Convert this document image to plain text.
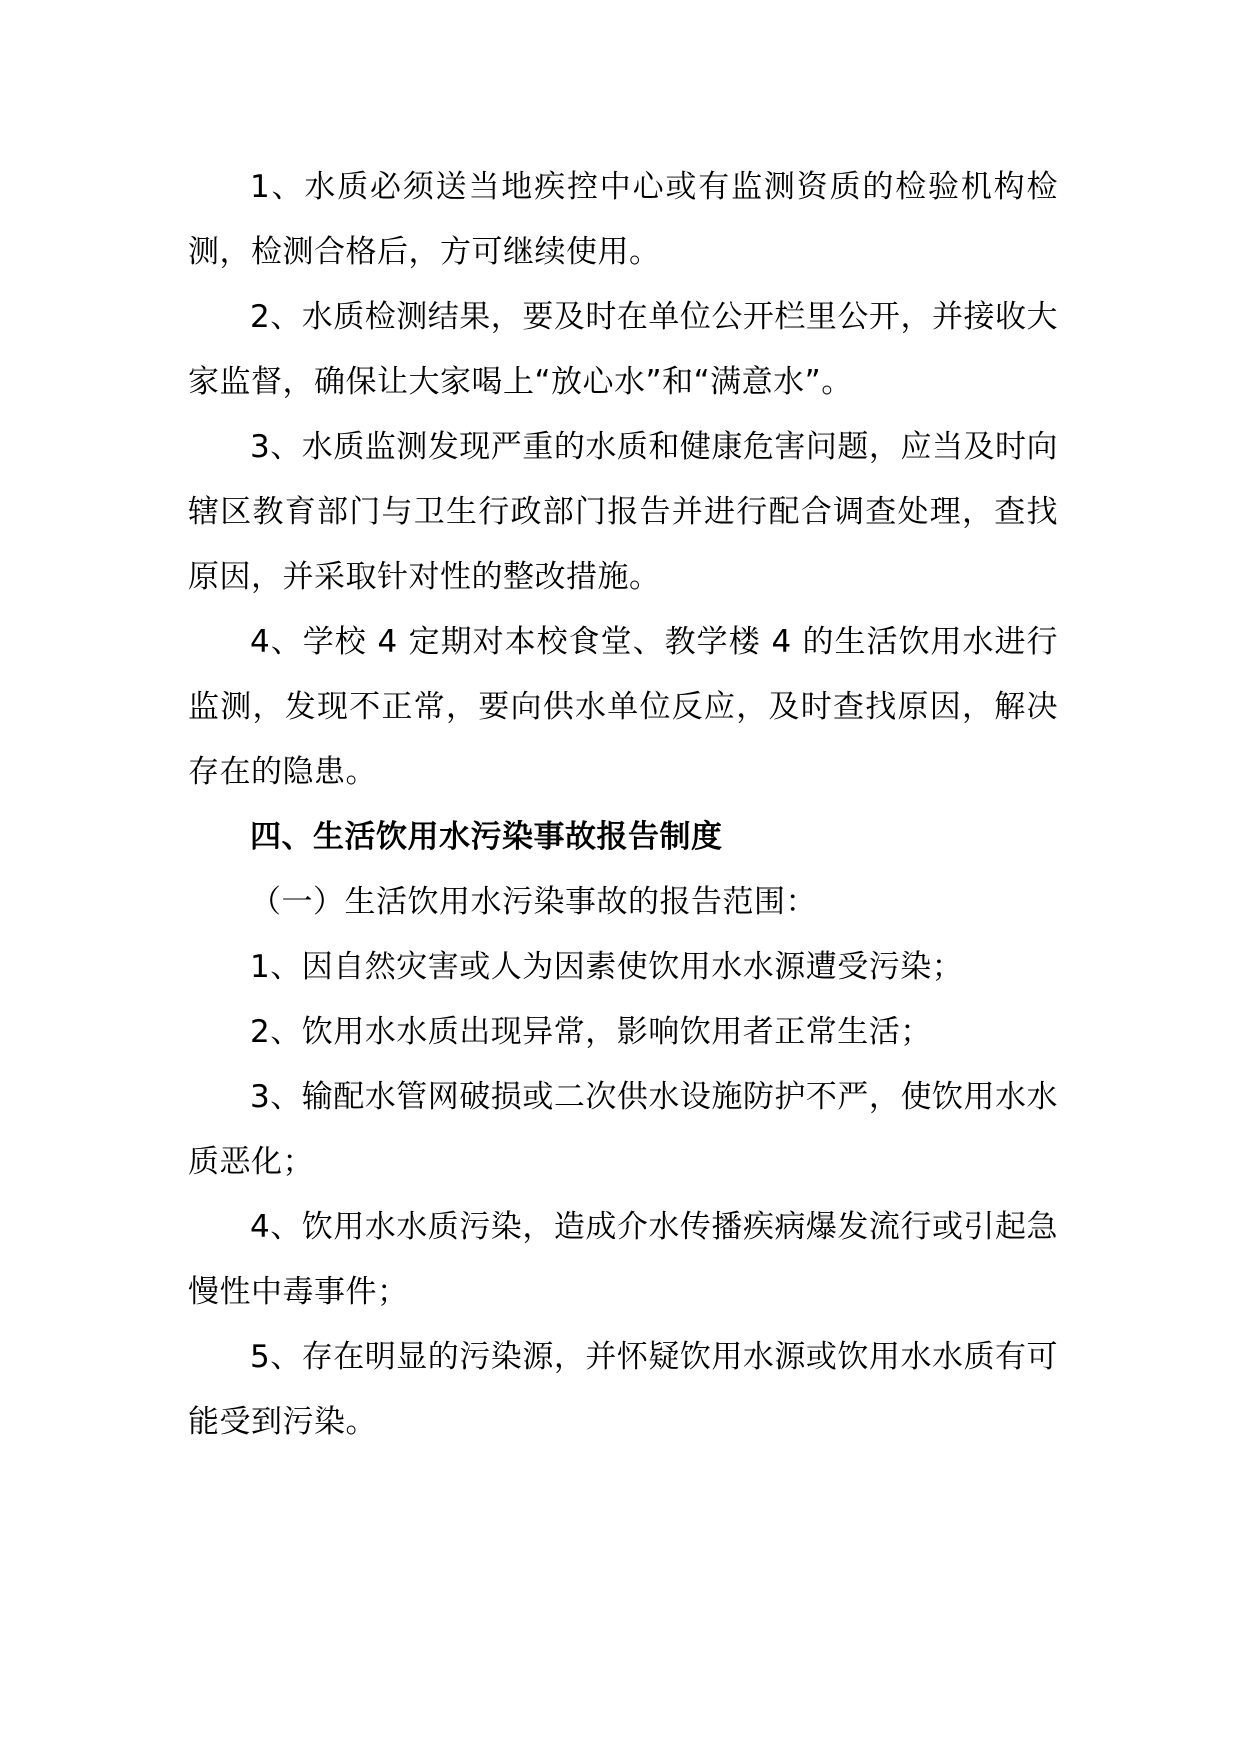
1、水质必须送当地疾控中心或有监测资质的检验机构检测，检测合格后，方可继续使用。

2、水质检测结果，要及时在单位公开栏里公开，并接收大家监督，确保让大家喝上“放心水”和“满意水”。

3、水质监测发现严重的水质和健康危害问题，应当及时向辖区教育部门与卫生行政部门报告并进行配合调查处理，查找原因，并采取针对性的整改措施。

4、学校 4 定期对本校食堂、教学楼 4 的生活饮用水进行监测，发现不正常，要向供水单位反应，及时查找原因，解决存在的隐患。

四、生活饮用水污染事故报告制度

（一）生活饮用水污染事故的报告范围：

1、因自然灾害或人为因素使饮用水水源遭受污染；

2、饮用水水质出现异常，影响饮用者正常生活；

3、输配水管网破损或二次供水设施防护不严，使饮用水水质恶化；

4、饮用水水质污染，造成介水传播疾病爆发流行或引起急慢性中毒事件；

5、存在明显的污染源，并怀疑饮用水源或饮用水水质有可能受到污染。
